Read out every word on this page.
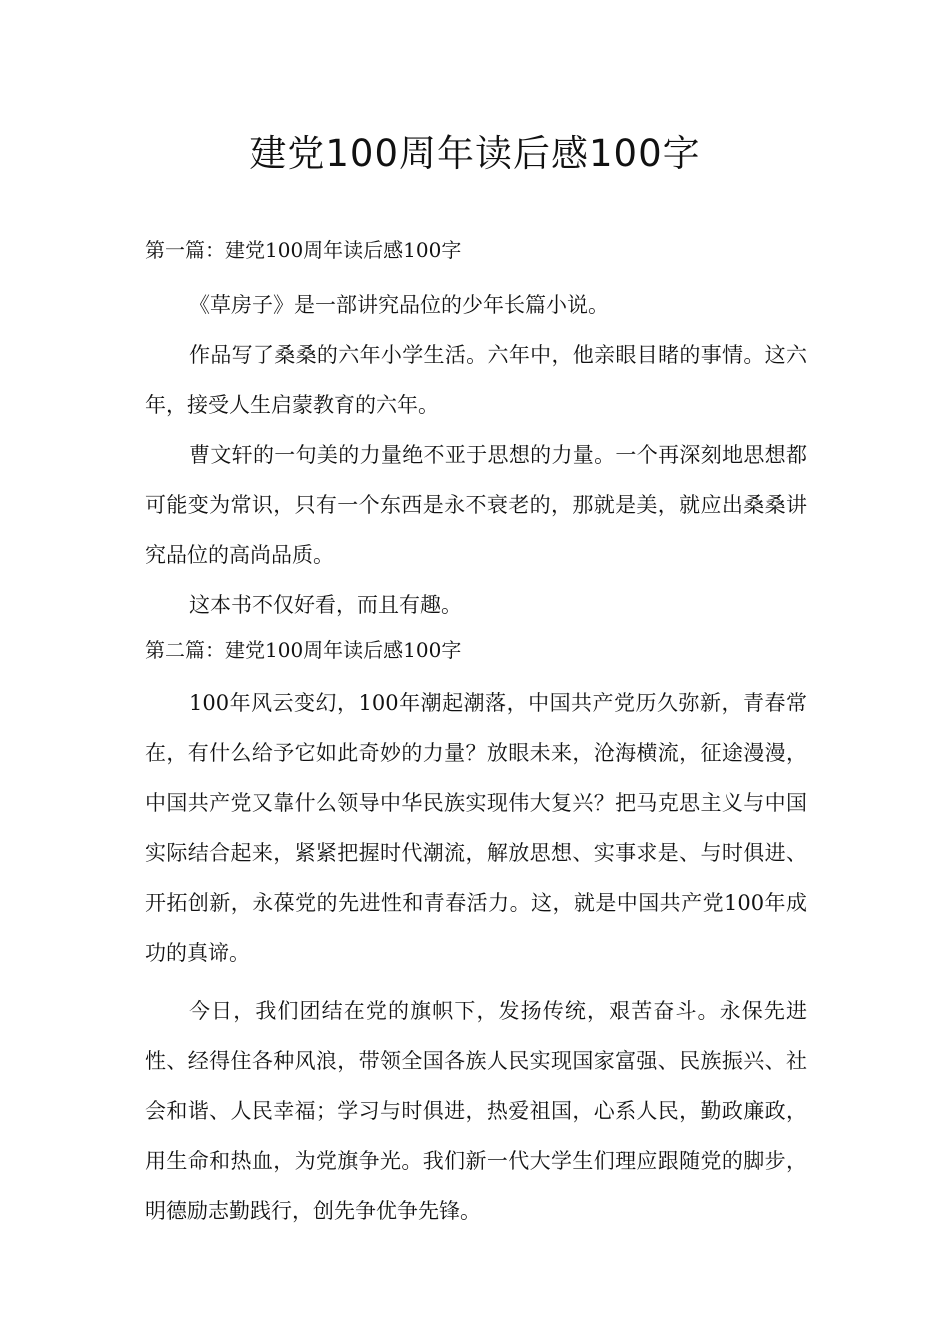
建党100周年读后感100字

第一篇：建党100周年读后感100字

《草房子》是一部讲究品位的少年长篇小说。

作品写了桑桑的六年小学生活。六年中，他亲眼目睹的事情。这六年，接受人生启蒙教育的六年。

曹文轩的一句美的力量绝不亚于思想的力量。一个再深刻地思想都可能变为常识，只有一个东西是永不衰老的，那就是美，就应出桑桑讲究品位的高尚品质。

这本书不仅好看，而且有趣。

第二篇：建党100周年读后感100字

100年风云变幻，100年潮起潮落，中国共产党历久弥新，青春常在，有什么给予它如此奇妙的力量？放眼未来，沧海横流，征途漫漫，中国共产党又靠什么领导中华民族实现伟大复兴？把马克思主义与中国实际结合起来，紧紧把握时代潮流，解放思想、实事求是、与时俱进、开拓创新，永葆党的先进性和青春活力。这，就是中国共产党100年成功的真谛。

今日，我们团结在党的旗帜下，发扬传统，艰苦奋斗。永保先进性、经得住各种风浪，带领全国各族人民实现国家富强、民族振兴、社会和谐、人民幸福；学习与时俱进，热爱祖国，心系人民，勤政廉政，用生命和热血，为党旗争光。我们新一代大学生们理应跟随党的脚步，明德励志勤践行，创先争优争先锋。
